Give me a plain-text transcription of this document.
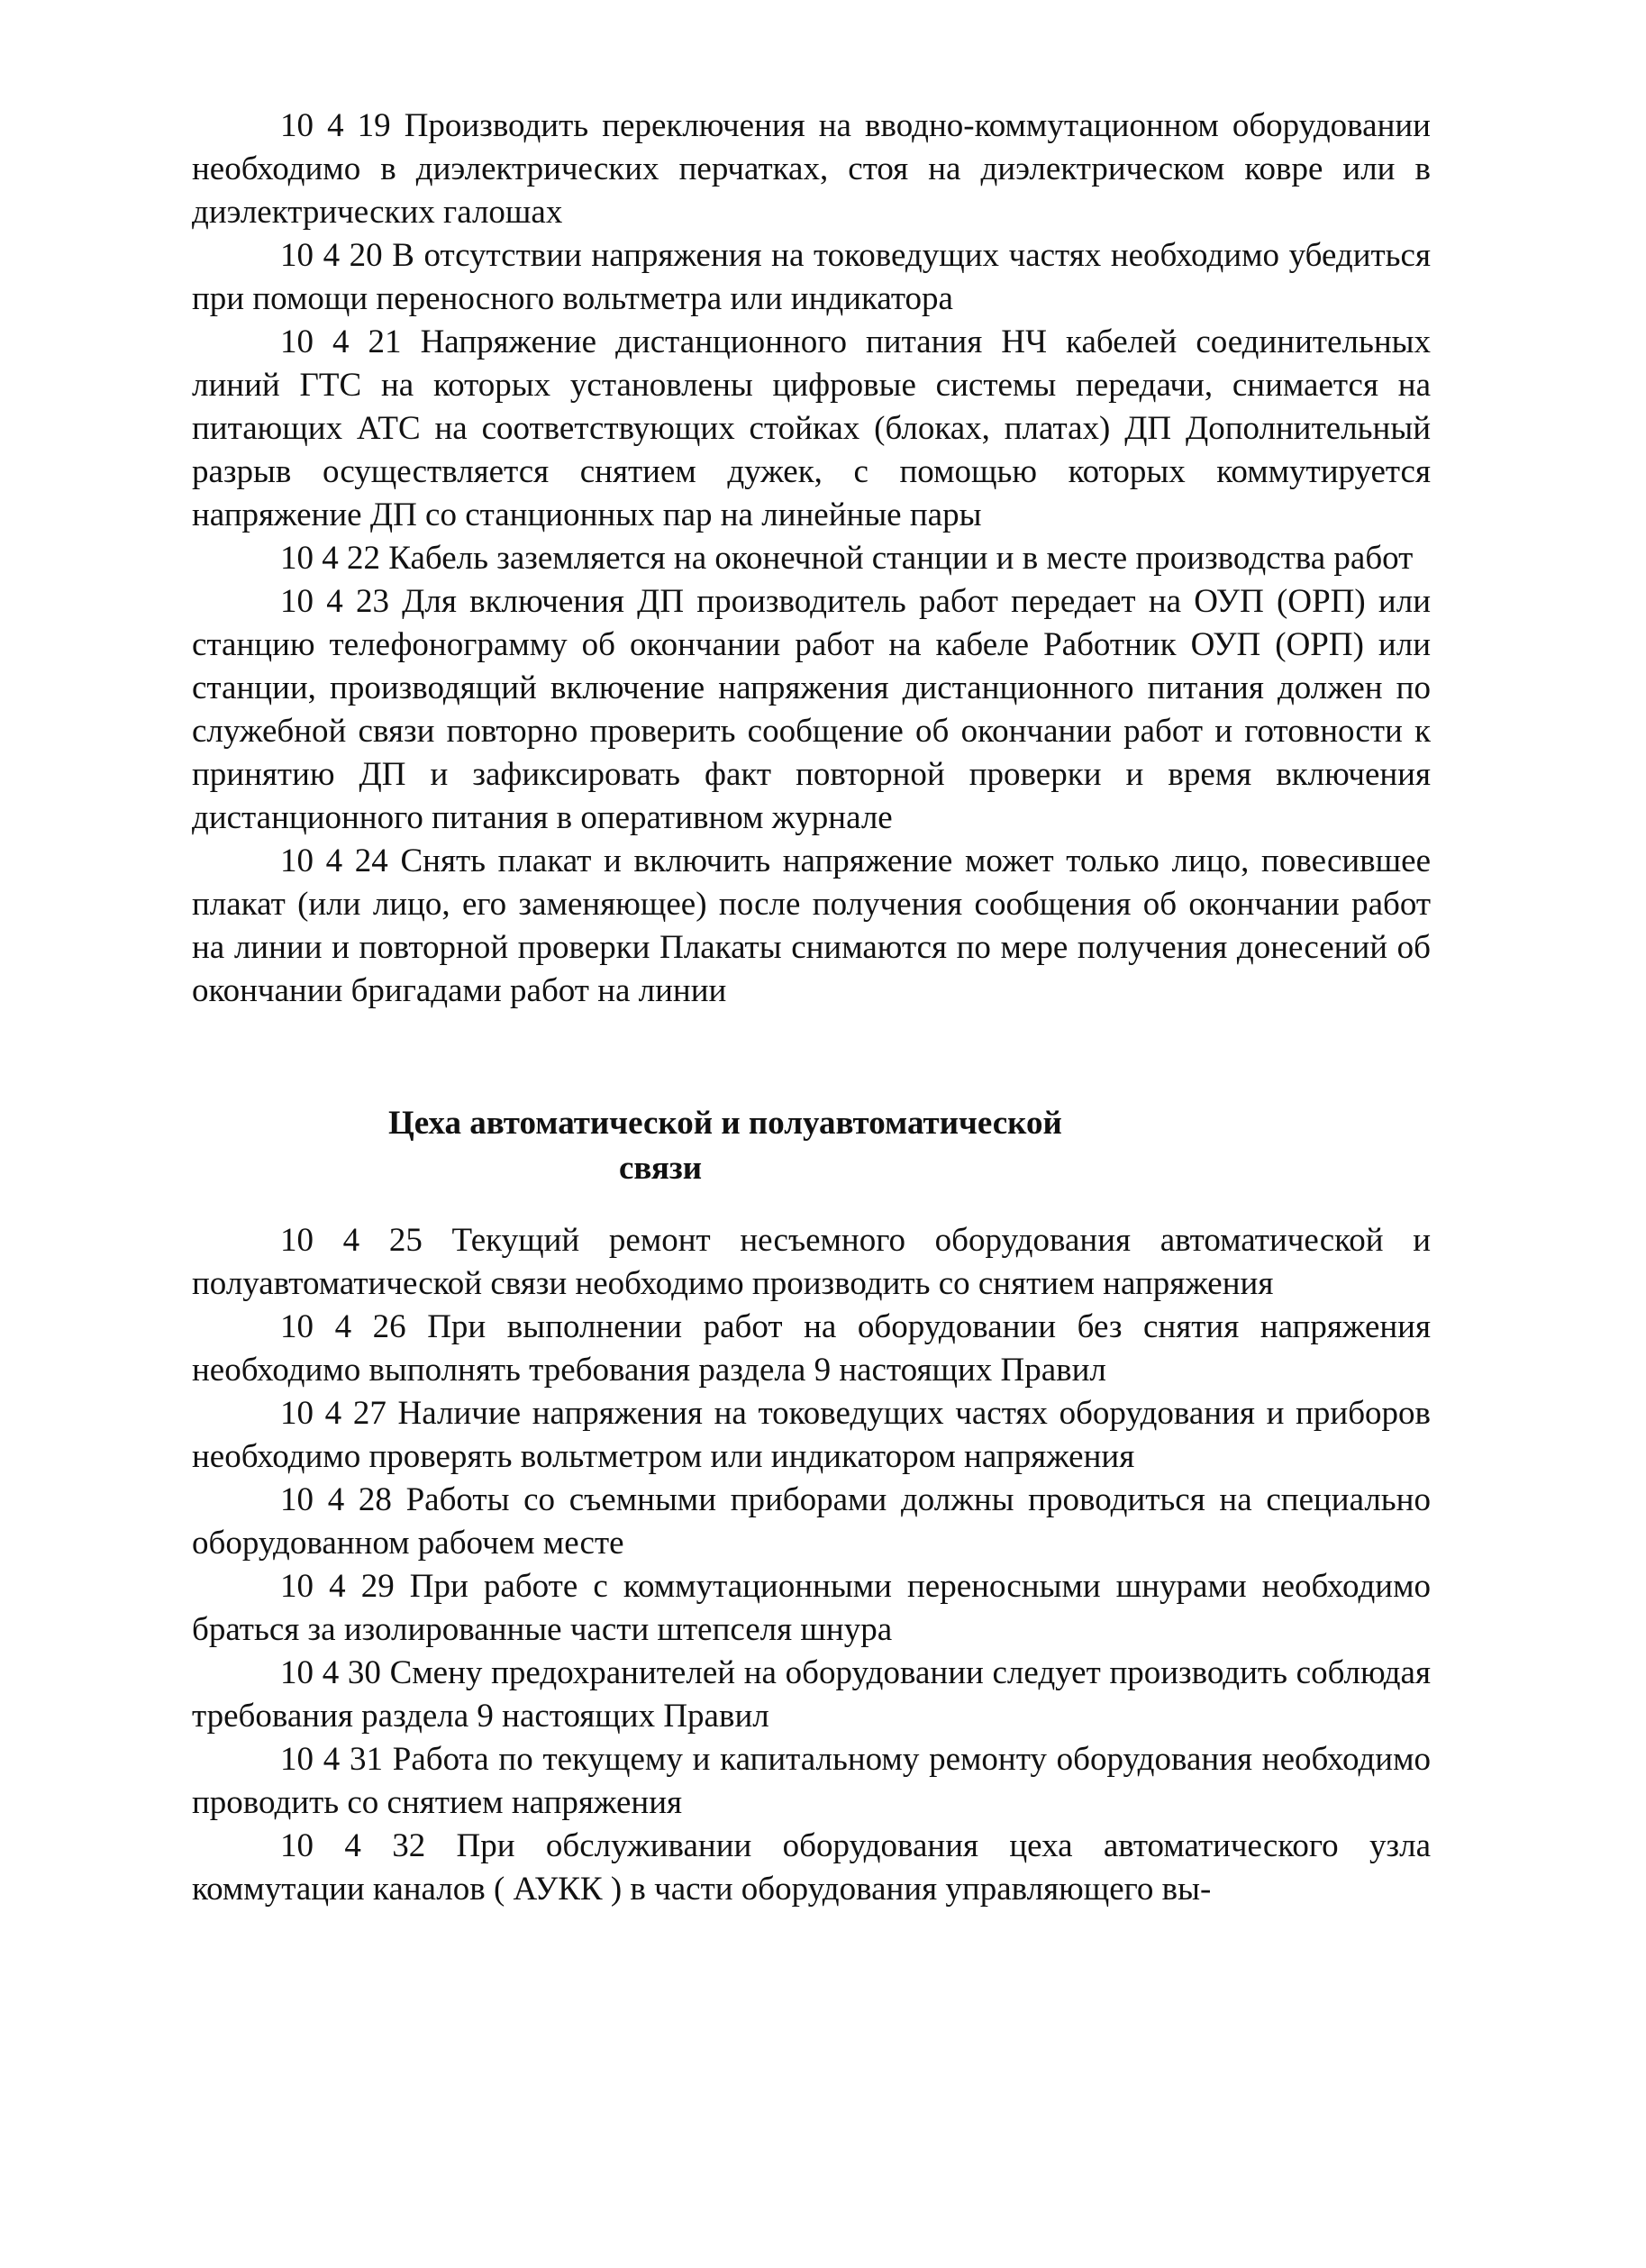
10 4 19 Производить переключения на вводно-коммутационном оборудовании необходимо в диэлектрических перчатках, стоя на диэлектрическом ковре или в диэлектрических галошах

10 4 20 В отсутствии напряжения на токоведущих частях необходимо убедиться при помощи переносного вольтметра или индикатора

10 4 21 Напряжение дистанционного питания НЧ кабелей соединительных линий ГТС на которых установлены цифровые системы передачи, снимается на питающих АТС на соответствующих стойках (блоках, платах) ДП Дополнительный разрыв осуществляется снятием дужек, с помощью которых коммутируется напряжение ДП со станционных пар на линейные пары

10 4 22 Кабель заземляется на оконечной станции и в месте производства работ

10 4 23 Для включения ДП производитель работ передает на ОУП (ОРП) или станцию телефонограмму об окончании работ на кабеле Работник ОУП (ОРП) или станции, производящий включение напряжения дистанционного питания должен по служебной связи повторно проверить сообщение об окончании работ и готовности к принятию ДП и зафиксировать факт повторной проверки и время включения дистанционного питания в оперативном журнале

10 4 24 Снять плакат и включить напряжение может только лицо, повесившее плакат (или лицо, его заменяющее) после получения сообщения об окончании работ на линии и повторной проверки Плакаты снимаются по мере получения донесений об окончании бригадами работ на линии

Цеха автоматической и полуавтоматической
связи

10 4 25 Текущий ремонт несъемного оборудования автоматической и полуавтоматической связи необходимо производить со снятием напряжения

10 4 26 При выполнении работ на оборудовании без снятия напряжения необходимо выполнять требования раздела 9 настоящих Правил

10 4 27 Наличие напряжения на токоведущих частях оборудования и приборов необходимо проверять вольтметром или индикатором напряжения

10 4 28 Работы со съемными приборами должны проводиться на специально оборудованном рабочем месте

10 4 29 При работе с коммутационными переносными шнурами необходимо браться за изолированные части штепселя шнура

10 4 30 Смену предохранителей на оборудовании следует производить соблюдая требования раздела 9 настоящих Правил

10 4 31 Работа по текущему и капитальному ремонту оборудования необходимо проводить со снятием напряжения

10 4 32 При обслуживании оборудования цеха автоматического узла коммутации каналов ( АУКК ) в части оборудования управляющего вы-
